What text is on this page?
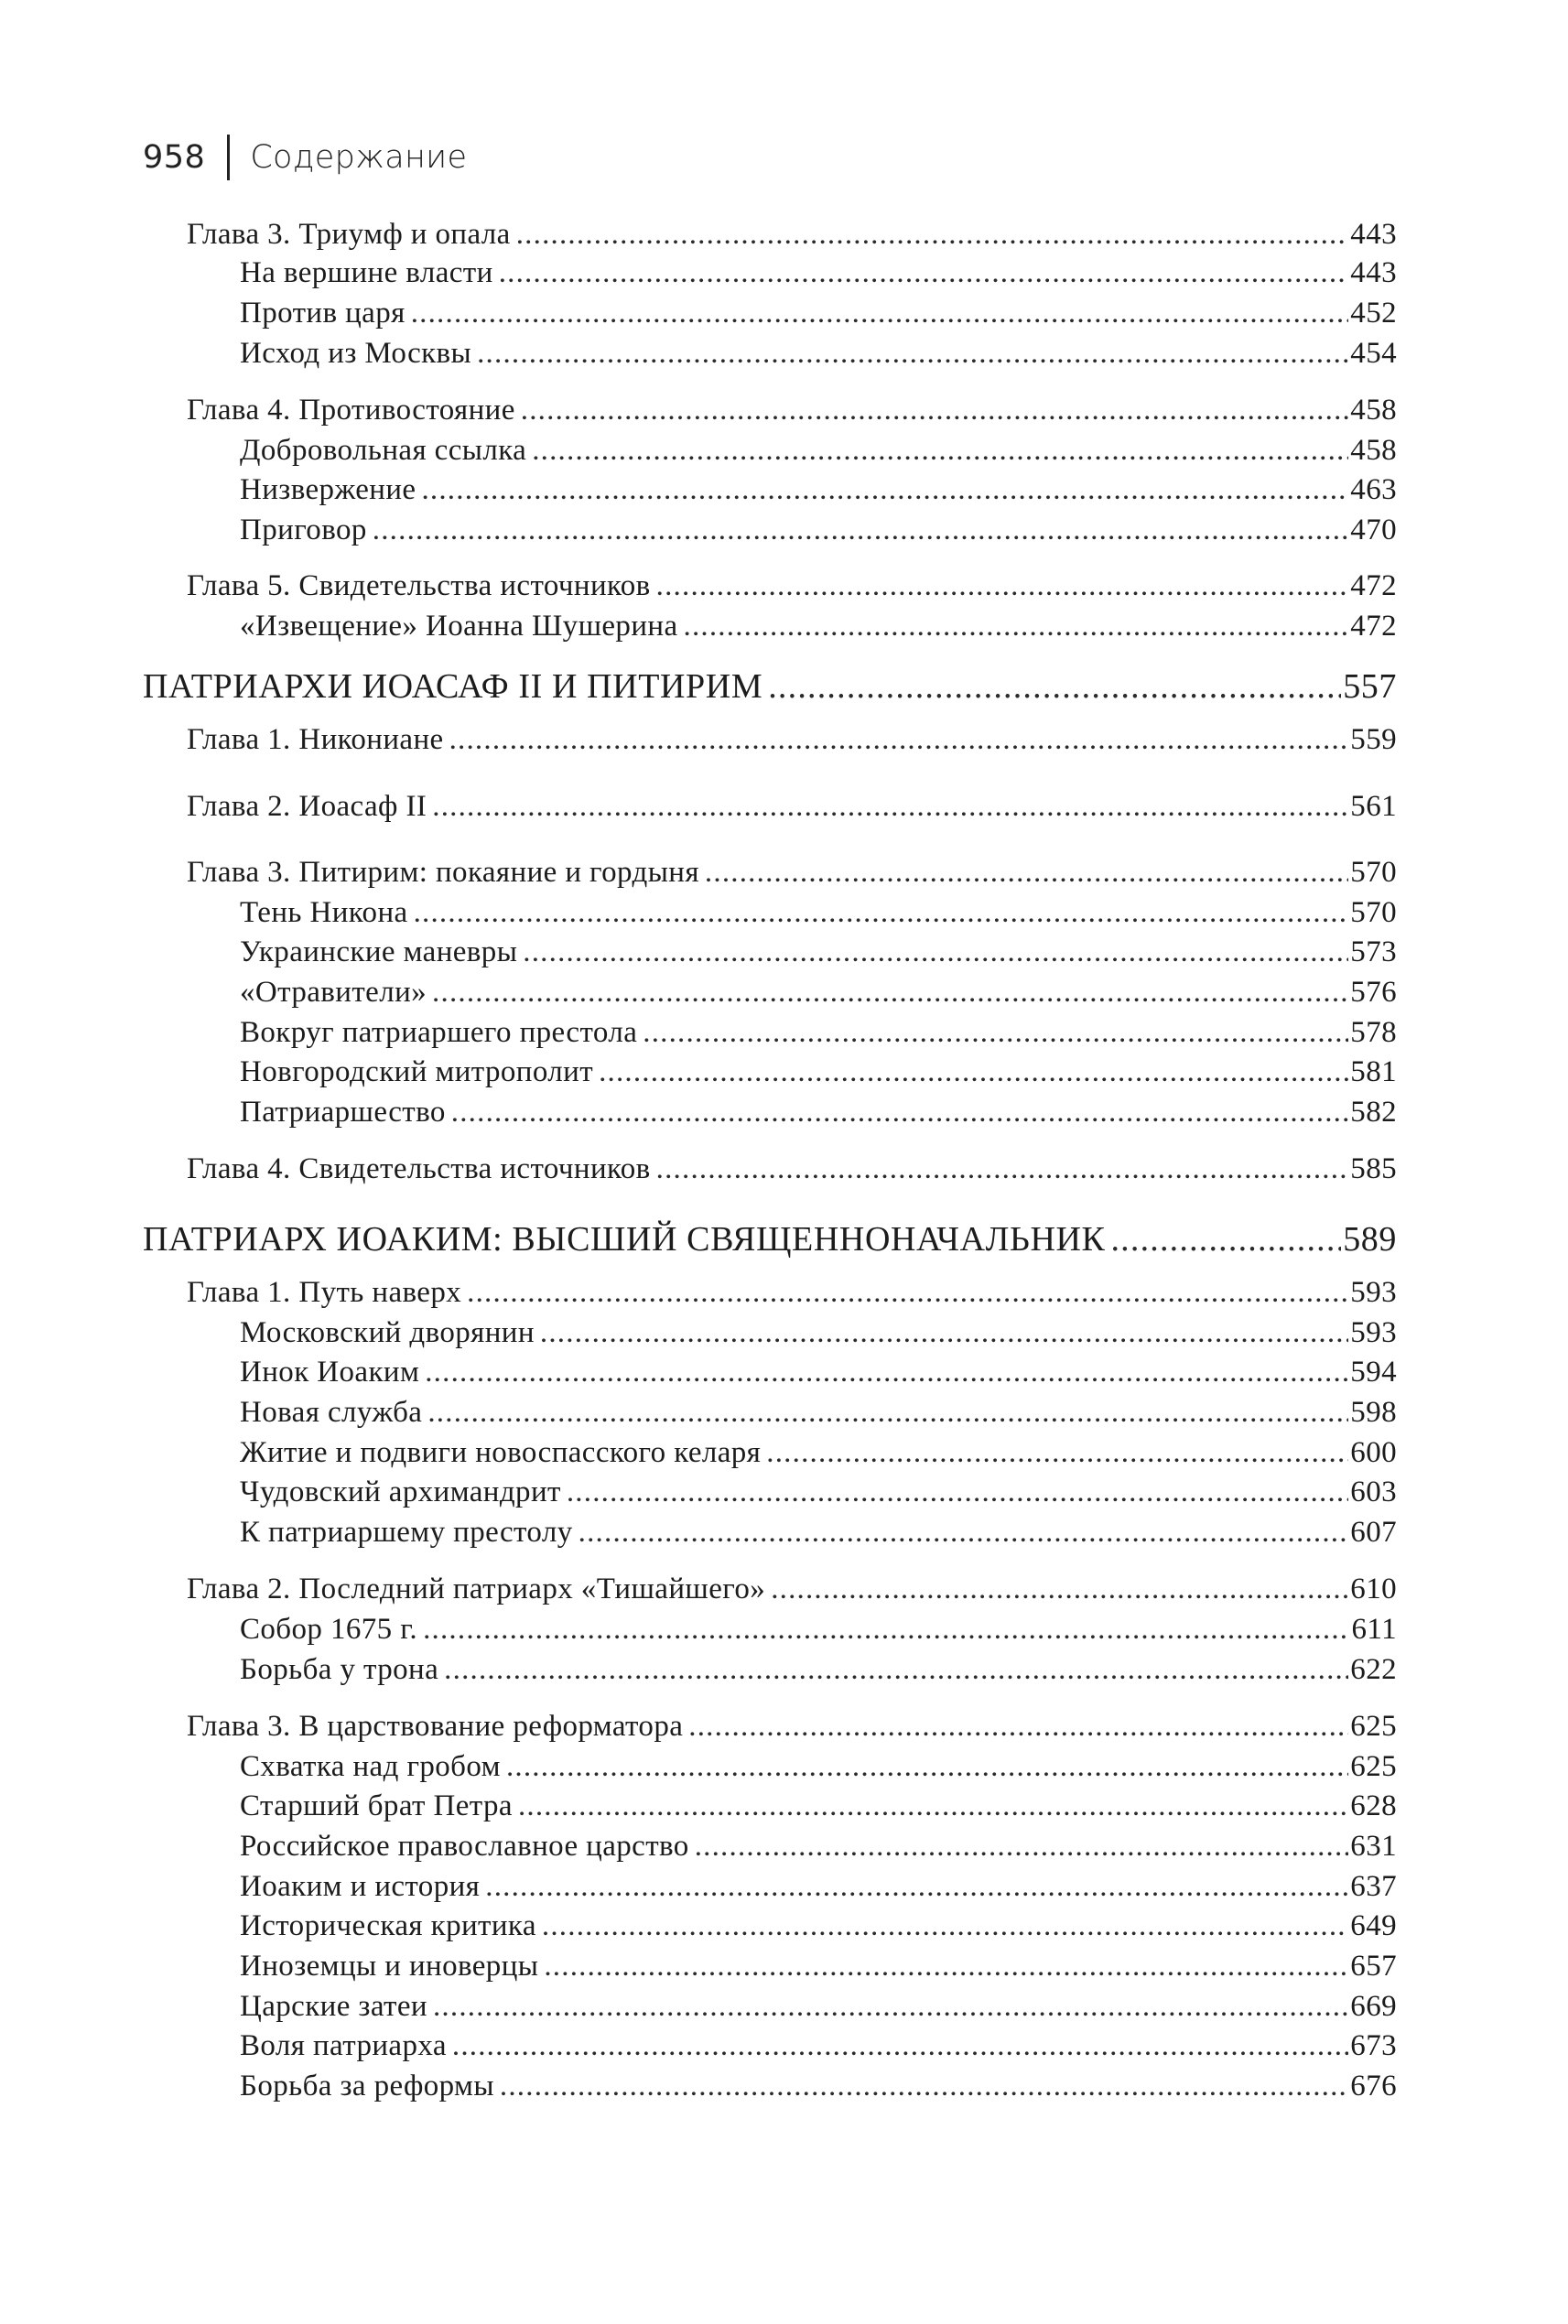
958 Содержание
Глава 3. Триумф и опала .....	443
На вершине власти .....	443
Против царя .....	452
Исход из Москвы .....	454
Глава 4. Противостояние .....	458
Добровольная ссылка .....	458
Низвержение .....	463
Приговор .....	470
Глава 5. Свидетельства источников .....	472
«Извещение» Иоанна Шушерина .....	472
ПАТРИАРХИ ИОАСАФ II И ПИТИРИМ .....	557
Глава 1. Никониане .....	559
Глава 2. Иоасаф II .....	561
Глава 3. Питирим: покаяние и гордыня .....	570
Тень Никона .....	570
Украинские маневры .....	573
«Отравители» .....	576
Вокруг патриаршего престола .....	578
Новгородский митрополит .....	581
Патриаршество .....	582
Глава 4. Свидетельства источников .....	585
ПАТРИАРХ ИОАКИМ: ВЫСШИЙ СВЯЩЕННОНАЧАЛЬНИК .....	589
Глава 1. Путь наверх .....	593
Московский дворянин .....	593
Инок Иоаким .....	594
Новая служба .....	598
Житие и подвиги новоспасского келаря .....	600
Чудовский архимандрит .....	603
К патриаршему престолу .....	607
Глава 2. Последний патриарх «Тишайшего» .....	610
Собор 1675 г. .....	611
Борьба у трона .....	622
Глава 3. В царствование реформатора .....	625
Схватка над гробом .....	625
Старший брат Петра .....	628
Российское православное царство .....	631
Иоаким и история .....	637
Историческая критика .....	649
Иноземцы и иноверцы .....	657
Царские затеи .....	669
Воля патриарха .....	673
Борьба за реформы .....	676
